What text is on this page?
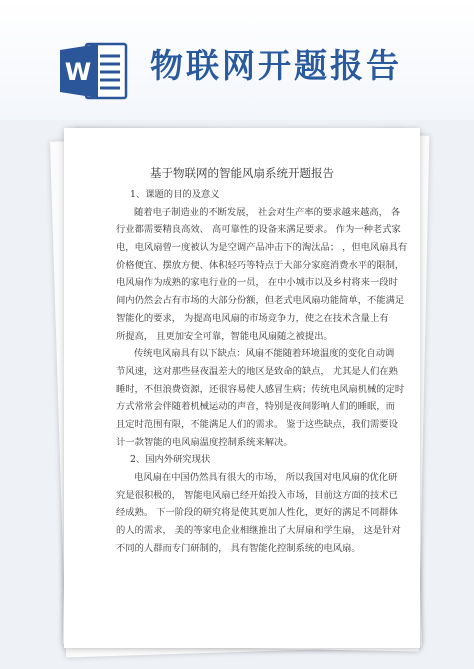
W 物联网开题报告
基于物联网的智能风扇系统开题报告
1、课题的目的及意义
随着电子制造业的不断发展， 社会对生产率的要求越来越高， 各
行业都需要精良高效、 高可靠性的设备来满足要求。 作为一种老式家
电，电风扇曾一度被认为是空调产品冲击下的淘汰品； ，但电风扇具有
价格便宜、摆放方便、体积轻巧等特点于大部分家庭消费水平的限制，
电风扇作为成熟的家电行业的一员， 在中小城市以及乡村将来一段时
间内仍然会占有市场的大部分份额，但老式电风扇功能简单，不能满足
智能化的要求， 为提高电风扇的市场竞争力，使之在技术含量上有
所提高， 且更加安全可靠，智能电风扇随之被提出。
传统电风扇具有以下缺点：风扇不能随着环境温度的变化自动调
节风速，这对那些昼夜温差大的地区是致命的缺点， 尤其是人们在熟
睡时，不但浪费资源，还很容易使人感冒生病；传统电风扇机械的定时
方式常常会伴随着机械运动的声音，特别是夜间影响人们的睡眠，而
且定时范围有限，不能满足人们的需求。 鉴于这些缺点，我们需要设
计一款智能的电风扇温度控制系统来解决。
2、国内外研究现状
电风扇在中国仍然具有很大的市场， 所以我国对电风扇的优化研
究是很积极的， 智能电风扇已经开始投入市场，目前这方面的技术已
经成熟。 下一阶段的研究将是使其更加人性化，更好的满足不同群体
的人的需求， 美的等家电企业相继推出了大屏扇和学生扇， 这是针对
不同的人群而专门研制的， 具有智能化控制系统的电风扇。
